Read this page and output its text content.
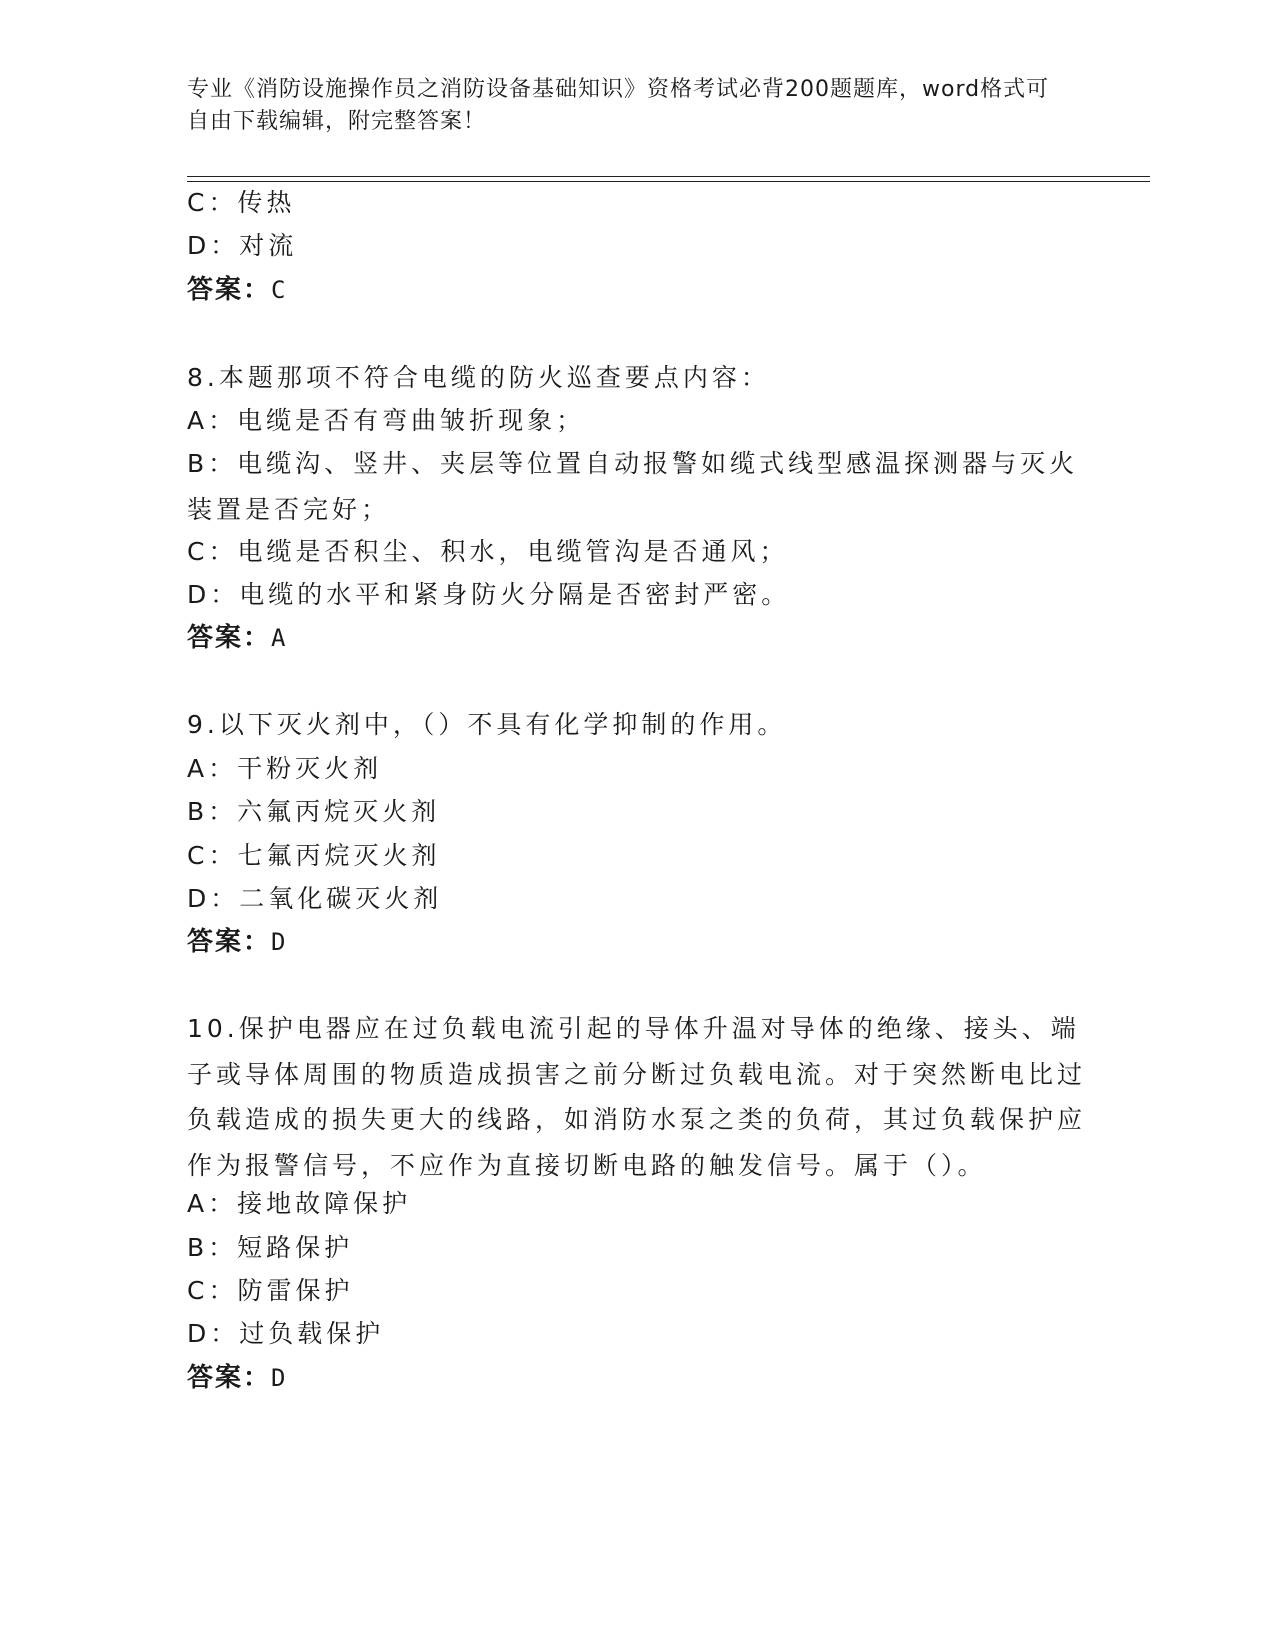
专业《消防设施操作员之消防设备基础知识》资格考试必背200题题库，word格式可自由下载编辑，附完整答案！
C：传热
D：对流
答案：C
8.本题那项不符合电缆的防火巡查要点内容：
A：电缆是否有弯曲皱折现象；
B：电缆沟、竖井、夹层等位置自动报警如缆式线型感温探测器与灭火装置是否完好；
C：电缆是否积尘、积水，电缆管沟是否通风；
D：电缆的水平和紧身防火分隔是否密封严密。
答案：A
9.以下灭火剂中，（）不具有化学抑制的作用。
A：干粉灭火剂
B：六氟丙烷灭火剂
C：七氟丙烷灭火剂
D：二氧化碳灭火剂
答案：D
10.保护电器应在过负载电流引起的导体升温对导体的绝缘、接头、端子或导体周围的物质造成损害之前分断过负载电流。对于突然断电比过负载造成的损失更大的线路，如消防水泵之类的负荷，其过负载保护应作为报警信号，不应作为直接切断电路的触发信号。属于（）。
A：接地故障保护
B：短路保护
C：防雷保护
D：过负载保护
答案：D
